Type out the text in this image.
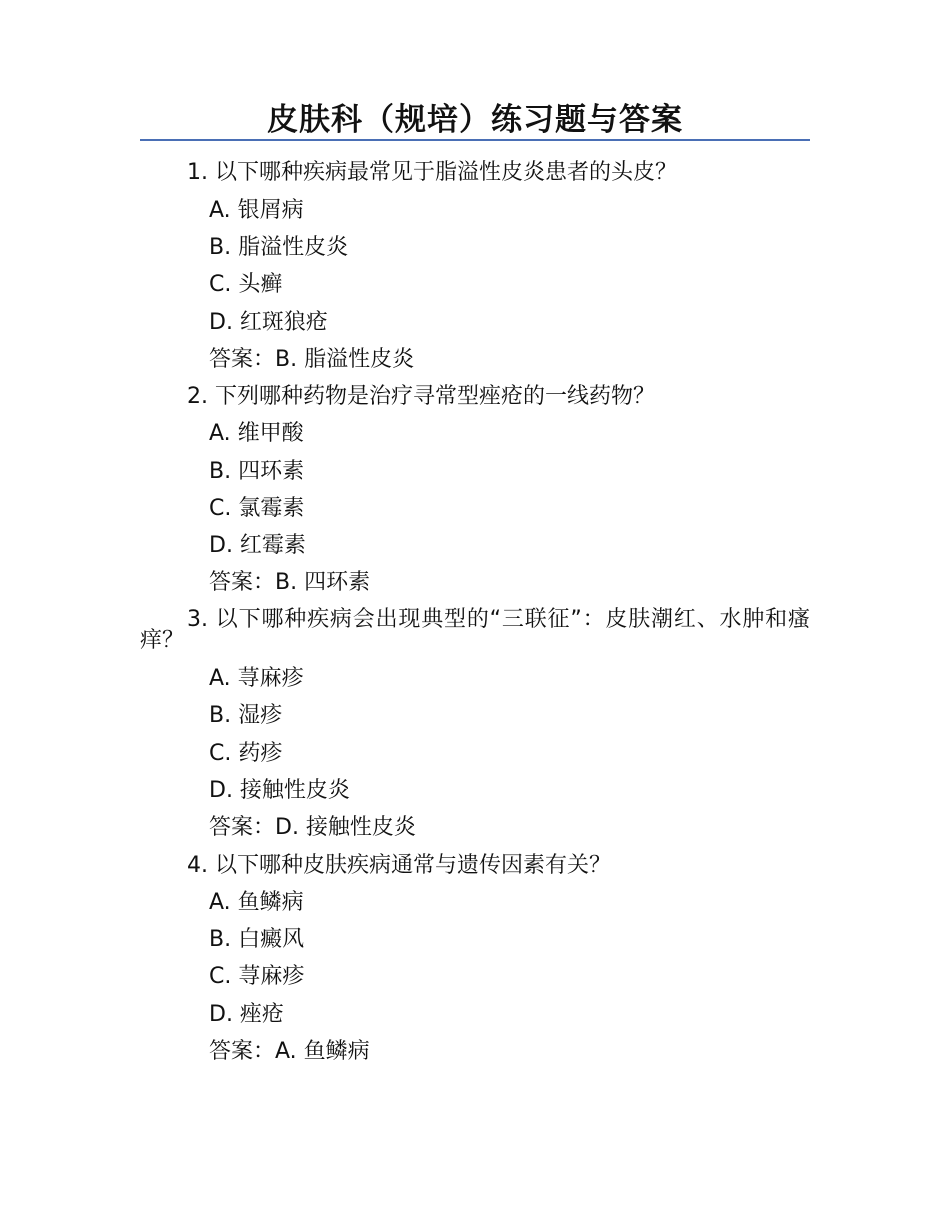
皮肤科（规培）练习题与答案
1. 以下哪种疾病最常见于脂溢性皮炎患者的头皮？
A. 银屑病
B. 脂溢性皮炎
C. 头癣
D. 红斑狼疮
答案：B. 脂溢性皮炎
2. 下列哪种药物是治疗寻常型痤疮的一线药物？
A. 维甲酸
B. 四环素
C. 氯霉素
D. 红霉素
答案：B. 四环素
3. 以下哪种疾病会出现典型的“三联征”：皮肤潮红、水肿和瘙痒？
A. 荨麻疹
B. 湿疹
C. 药疹
D. 接触性皮炎
答案：D. 接触性皮炎
4. 以下哪种皮肤疾病通常与遗传因素有关？
A. 鱼鳞病
B. 白癜风
C. 荨麻疹
D. 痤疮
答案：A. 鱼鳞病
